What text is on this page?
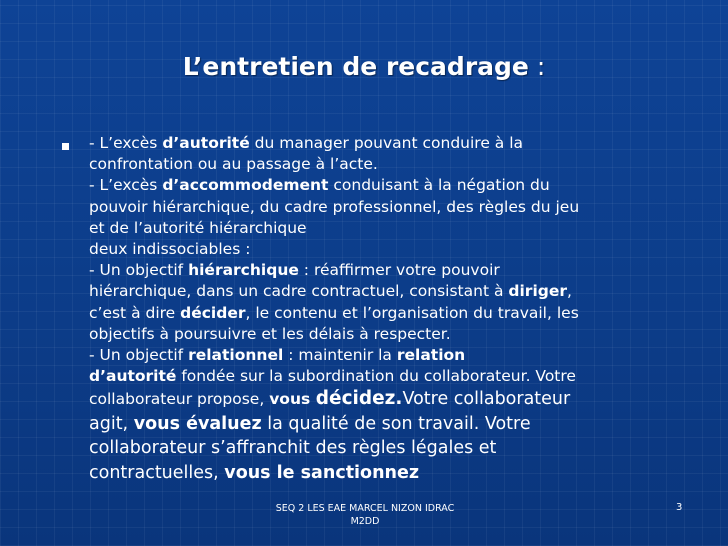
L’entretien de recadrage :
- L’excès d’autorité du manager pouvant conduire à la
confrontation ou au passage à l’acte.
- L’excès d’accommodement conduisant à la négation du
pouvoir hiérarchique, du cadre professionnel, des règles du jeu
et de l’autorité hiérarchique
deux indissociables :
- Un objectif hiérarchique : réaffirmer votre pouvoir
hiérarchique, dans un cadre contractuel, consistant à diriger,
c’est à dire décider, le contenu et l’organisation du travail, les
objectifs à poursuivre et les délais à respecter.
- Un objectif relationnel : maintenir la relation
d’autorité fondée sur la subordination du collaborateur. Votre
collaborateur propose, vous décidez.Votre collaborateur
agit, vous évaluez la qualité de son travail. Votre
collaborateur s’affranchit des règles légales et
contractuelles, vous le sanctionnez
SEQ 2 LES EAE MARCEL NIZON IDRAC
M2DD
3
